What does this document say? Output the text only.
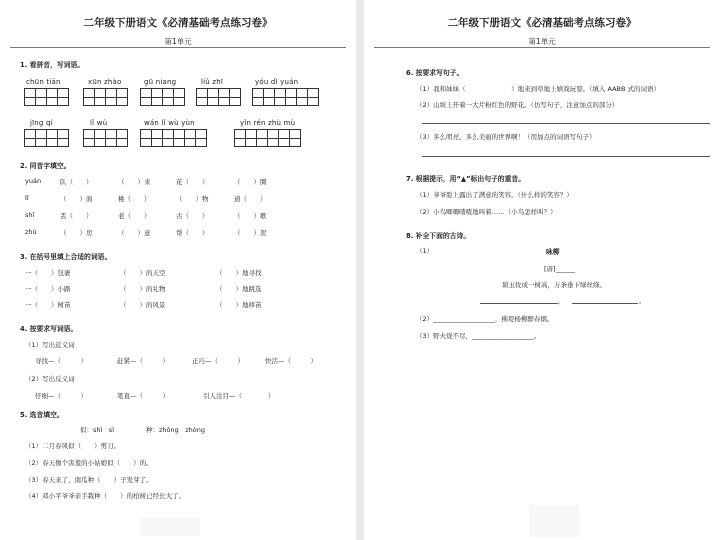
二年级下册语文《必清基础考点练习卷》
第1单元
1. 看拼音，写词语。
chūn tiān	xūn zhào	gū niang	liǔ zhī	yóu dì yuán
jīng qí	lǐ wù	wán lǐ wù yùn	yǐn rén zhù mù
2. 同音字填空。
yuán	队（　　）	（　　）来	花（　　）	（　　）圈
lǐ	（　　）面	桃（　　）	（　　）物	道（　　）
shī	丢（　　）	老（　　）	古（　　）	（　　）歌
zhù	（　　）房	（　　）意	帮（　　）	（　　）贺
3. 在括号里填上合适的词语。
一（　　）包裹	（　　）的天空	（　　）地寻找
一（　　）小路	（　　）的礼物	（　　）地跳选
一（　　）树苗	（　　）的风景	（　　）地移苗
4. 按要求写词语。
（1）写出近义词
寻找—（　　　）	赶紧—（　　　）	正巧—（　　　）	快活—（　　　）
（2）写出反义词
仔细—（　　　）	笔直—（　　　）	引人注目—（　　　　）
5. 选音填空。
似：shì　sì	种：zhǒng　zhòng
（1）二月春风似（　　）剪刀。
（2）春天像个害羞的小姑娘似（　　）的。
（3）春天来了，南瓜种（　　）子发芽了。
（4）邓小平爷爷亲手栽种（　　）的柏树已经长大了。
二年级下册语文《必清基础考点练习卷》
第1单元
6. 按要求写句子。
（1）我和妹妹（　　　　　　　）地来到草地上嬉戏玩耍。（填入 AABB 式的词语）
（2）山坡上开着一大片粉红色的野花。（仿写句子，注意加点的部分）
（3）多么明亮、多么美丽的世界啊！（用加点的词语写句子）
7. 根据提示，用“▲”标出句子的重音。
（1）爷爷脸上露出了满意的笑容。（什么样的笑容？）
（2）小鸟唧唧喳喳地叫着……（小鸟怎样叫？）
8. 补全下面的古诗。
（1）	咏柳
[唐]______
碧玉妆成一树高，万条垂下绿丝绦。
，	。
（2）___________________，拂堤杨柳醉春烟。
（3）野火烧不尽，___________________。
